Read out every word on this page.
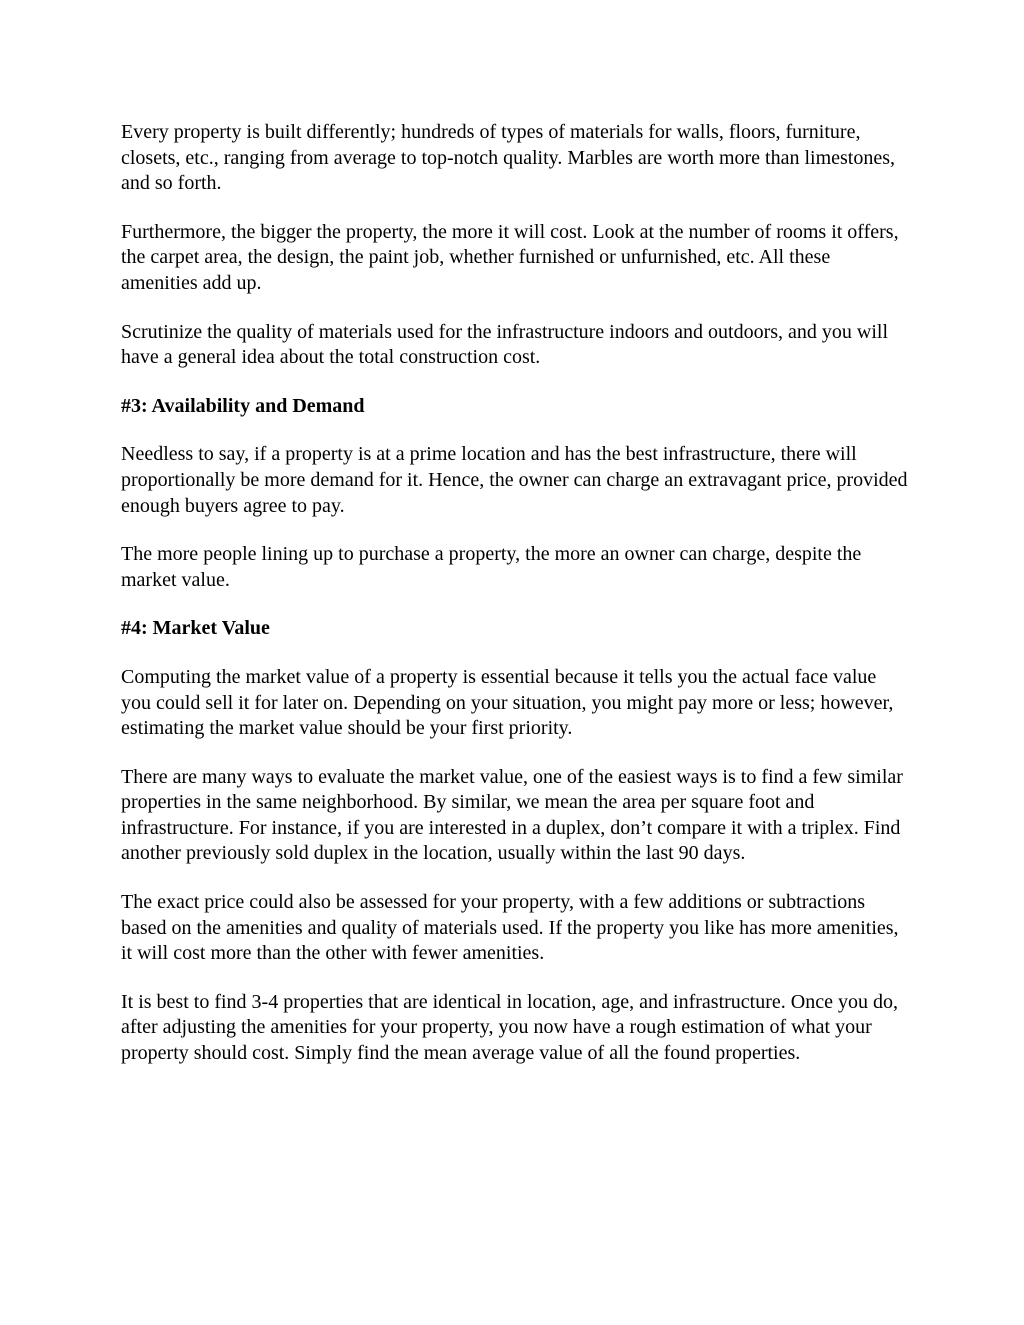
Every property is built differently; hundreds of types of materials for walls, floors, furniture, closets, etc., ranging from average to top-notch quality. Marbles are worth more than limestones, and so forth.

Furthermore, the bigger the property, the more it will cost. Look at the number of rooms it offers, the carpet area, the design, the paint job, whether furnished or unfurnished, etc. All these amenities add up.

Scrutinize the quality of materials used for the infrastructure indoors and outdoors, and you will have a general idea about the total construction cost.

#3: Availability and Demand

Needless to say, if a property is at a prime location and has the best infrastructure, there will proportionally be more demand for it. Hence, the owner can charge an extravagant price, provided enough buyers agree to pay.

The more people lining up to purchase a property, the more an owner can charge, despite the market value.

#4: Market Value

Computing the market value of a property is essential because it tells you the actual face value you could sell it for later on. Depending on your situation, you might pay more or less; however, estimating the market value should be your first priority.

There are many ways to evaluate the market value, one of the easiest ways is to find a few similar properties in the same neighborhood. By similar, we mean the area per square foot and infrastructure. For instance, if you are interested in a duplex, don’t compare it with a triplex. Find another previously sold duplex in the location, usually within the last 90 days.

The exact price could also be assessed for your property, with a few additions or subtractions based on the amenities and quality of materials used. If the property you like has more amenities, it will cost more than the other with fewer amenities.

It is best to find 3-4 properties that are identical in location, age, and infrastructure. Once you do, after adjusting the amenities for your property, you now have a rough estimation of what your property should cost. Simply find the mean average value of all the found properties.
